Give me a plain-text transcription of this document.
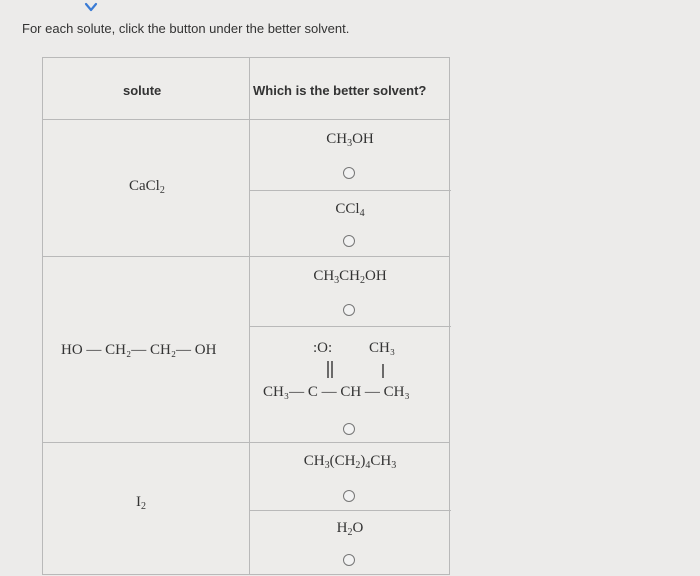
For each solute, click the button under the better solvent.
solute	Which is the better solvent?
CaCl$_2$
$CH_3OH$
CCl$_4$
HO — CH₂— CH₂— OH
$CH_3CH_2OH$
:O: CH₃
CH₃— C — CH — CH₃
$I_2$
$CH_3(CH_2)_4CH_3$
$H_2O$
